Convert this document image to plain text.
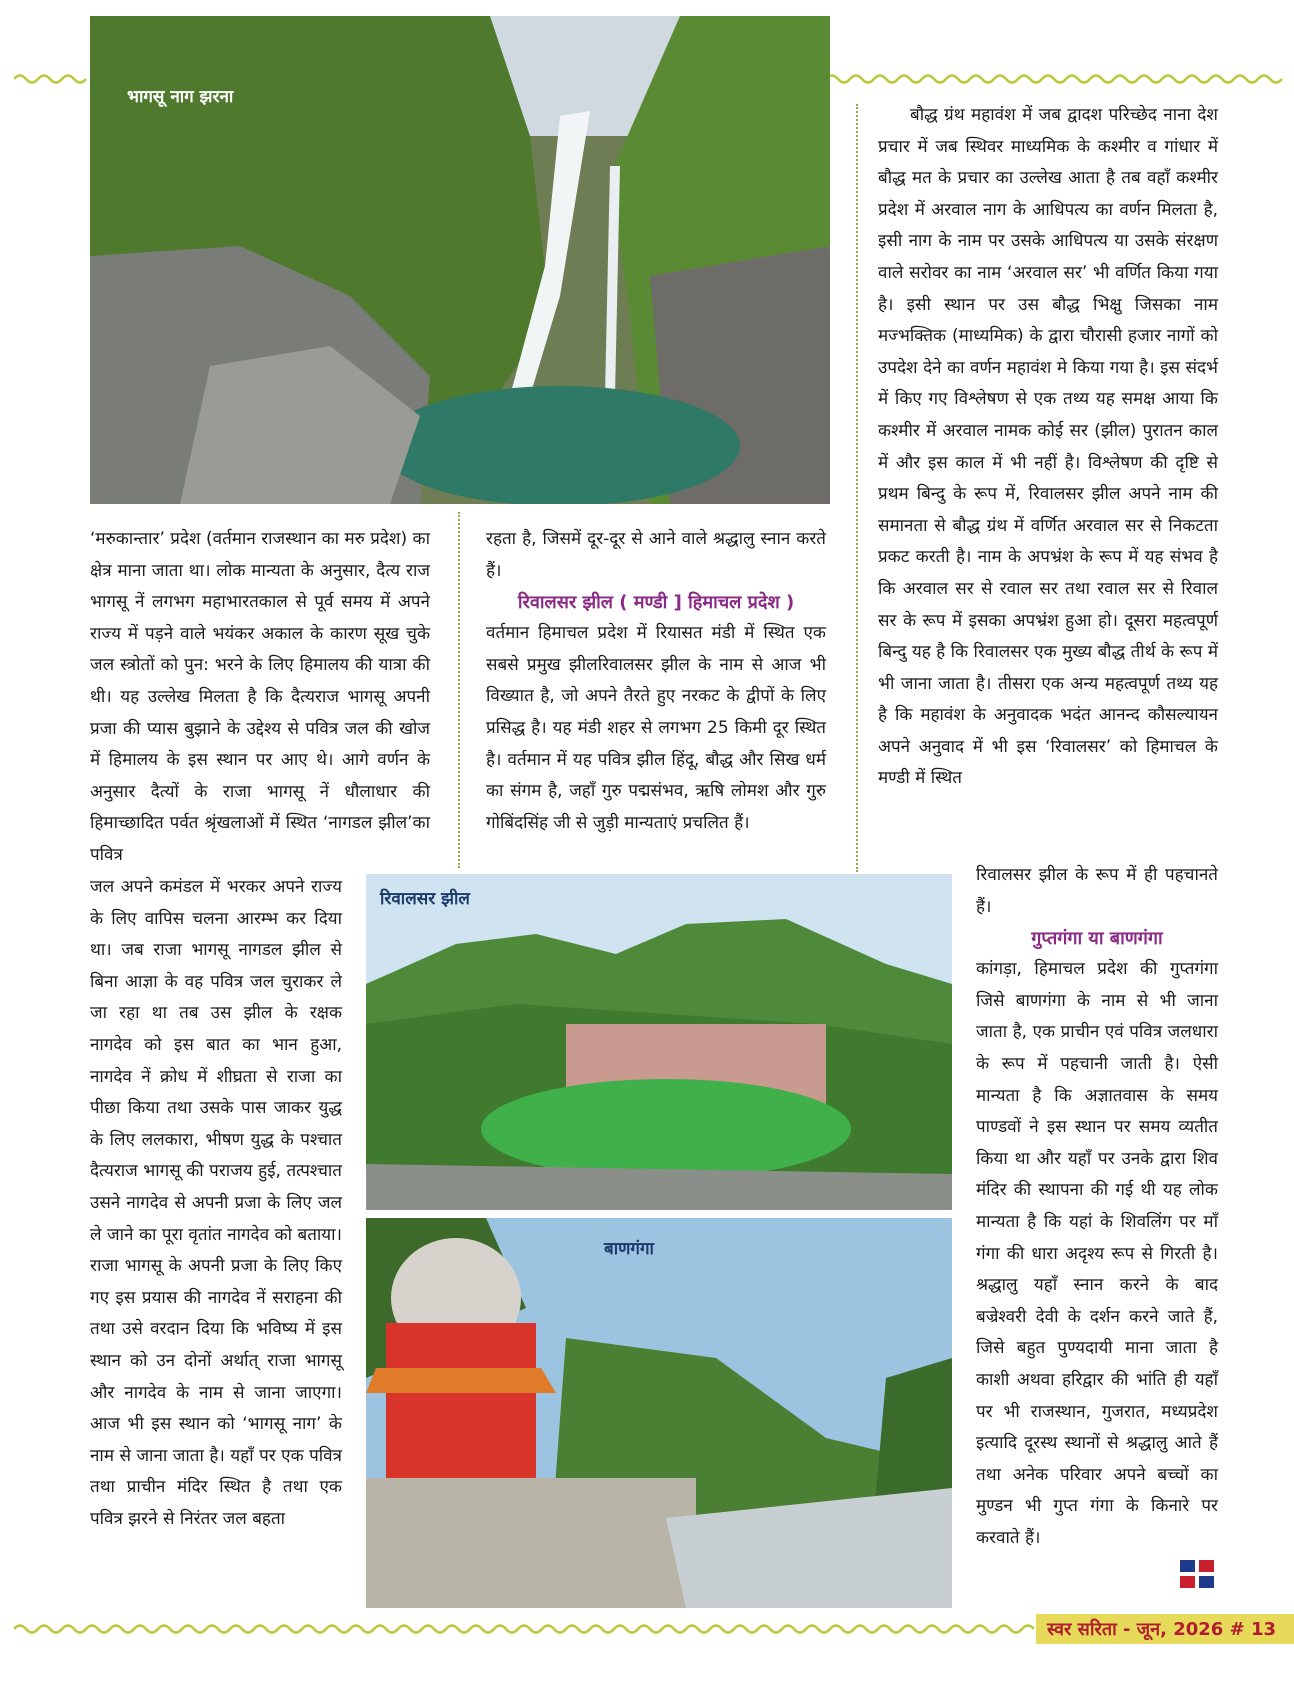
भागसू नाग झरना

बौद्ध ग्रंथ महावंश में जब द्वादश परिच्छेद नाना देश प्रचार में जब स्थिवर माध्यमिक के कश्मीर व गांधार में बौद्ध मत के प्रचार का उल्लेख आता है तब वहाँ कश्मीर प्रदेश में अरवाल नाग के आधिपत्य का वर्णन मिलता है, इसी नाग के नाम पर उसके आधिपत्य या उसके संरक्षण वाले सरोवर का नाम ‘अरवाल सर’ भी वर्णित किया गया है। इसी स्थान पर उस बौद्ध भिक्षु जिसका नाम मज्भक्तिक (माध्यमिक) के द्वारा चौरासी हजार नागों को उपदेश देने का वर्णन महावंश मे किया गया है। इस संदर्भ में किए गए विश्लेषण से एक तथ्य यह समक्ष आया कि कश्मीर में अरवाल नामक कोई सर (झील) पुरातन काल में और इस काल में भी नहीं है। विश्लेषण की दृष्टि से प्रथम बिन्दु के रूप में, रिवालसर झील अपने नाम की समानता से बौद्ध ग्रंथ में वर्णित अरवाल सर से निकटता प्रकट करती है। नाम के अपभ्रंश के रूप में यह संभव है कि अरवाल सर से रवाल सर तथा रवाल सर से रिवाल सर के रूप में इसका अपभ्रंश हुआ हो। दूसरा महत्वपूर्ण बिन्दु यह है कि रिवालसर एक मुख्य बौद्ध तीर्थ के रूप में भी जाना जाता है। तीसरा एक अन्य महत्वपूर्ण तथ्य यह है कि महावंश के अनुवादक भदंत आनन्द कौसल्यायन अपने अनुवाद में भी इस ‘रिवालसर’ को हिमाचल के मण्डी में स्थित

‘मरुकान्तार’ प्रदेश (वर्तमान राजस्थान का मरु प्रदेश) का क्षेत्र माना जाता था। लोक मान्यता के अनुसार, दैत्य राज भागसू नें लगभग महाभारतकाल से पूर्व समय में अपने राज्य में पड़ने वाले भयंकर अकाल के कारण सूख चुके जल स्त्रोतों को पुन: भरने के लिए हिमालय की यात्रा की थी। यह उल्लेख मिलता है कि दैत्यराज भागसू अपनी प्रजा की प्यास बुझाने के उद्देश्य से पवित्र जल की खोज में हिमालय के इस स्थान पर आए थे। आगे वर्णन के अनुसार दैत्यों के राजा भागसू नें धौलाधार की हिमाच्छादित पर्वत श्रृंखलाओं में स्थित ‘नागडल झील’का पवित्र

रहता है, जिसमें दूर-दूर से आने वाले श्रद्धालु स्नान करते हैं।

रिवालसर झील ( मण्डी ] हिमाचल प्रदेश )

वर्तमान हिमाचल प्रदेश में रियासत मंडी में स्थित एक सबसे प्रमुख झीलरिवालसर झील के नाम से आज भी विख्यात है, जो अपने तैरते हुए नरकट के द्वीपों के लिए प्रसिद्ध है। यह मंडी शहर से लगभग 25 किमी दूर स्थित है। वर्तमान में यह पवित्र झील हिंदू, बौद्ध और सिख धर्म का संगम है, जहाँ गुरु पद्मसंभव, ऋषि लोमश और गुरु गोबिंदसिंह जी से जुड़ी मान्यताएं प्रचलित हैं।

जल अपने कमंडल में भरकर अपने राज्य के लिए वापिस चलना आरम्भ कर दिया था। जब राजा भागसू नागडल झील से बिना आज्ञा के वह पवित्र जल चुराकर ले जा रहा था तब उस झील के रक्षक नागदेव को इस बात का भान हुआ, नागदेव नें क्रोध में शीघ्रता से राजा का पीछा किया तथा उसके पास जाकर युद्ध के लिए ललकारा, भीषण युद्ध के पश्चात दैत्यराज भागसू की पराजय हुई, तत्पश्चात उसने नागदेव से अपनी प्रजा के लिए जल ले जाने का पूरा वृतांत नागदेव को बताया। राजा भागसू के अपनी प्रजा के लिए किए गए इस प्रयास की नागदेव नें सराहना की तथा उसे वरदान दिया कि भविष्य में इस स्थान को उन दोनों अर्थात् राजा भागसू और नागदेव के नाम से जाना जाएगा। आज भी इस स्थान को ‘भागसू नाग’ के नाम से जाना जाता है। यहाँ पर एक पवित्र तथा प्राचीन मंदिर स्थित है तथा एक पवित्र झरने से निरंतर जल बहता

रिवालसर झील
बाणगंगा

रिवालसर झील के रूप में ही पहचानते हैं।

गुप्तगंगा या बाणगंगा

कांगड़ा, हिमाचल प्रदेश की गुप्तगंगा जिसे बाणगंगा के नाम से भी जाना जाता है, एक प्राचीन एवं पवित्र जलधारा के रूप में पहचानी जाती है। ऐसी मान्यता है कि अज्ञातवास के समय पाण्डवों ने इस स्थान पर समय व्यतीत किया था और यहाँ पर उनके द्वारा शिव मंदिर की स्थापना की गई थी यह लोक मान्यता है कि यहां के शिवलिंग पर माँ गंगा की धारा अदृश्य रूप से गिरती है। श्रद्धालु यहाँ स्नान करने के बाद बज्रेश्वरी देवी के दर्शन करने जाते हैं, जिसे बहुत पुण्यदायी माना जाता है काशी अथवा हरिद्वार की भांति ही यहाँ पर भी राजस्थान, गुजरात, मध्यप्रदेश इत्यादि दूरस्थ स्थानों से श्रद्धालु आते हैं तथा अनेक परिवार अपने बच्चों का मुण्डन भी गुप्त गंगा के किनारे पर करवाते हैं।

स्वर सरिता - जून, 2026 # 13
